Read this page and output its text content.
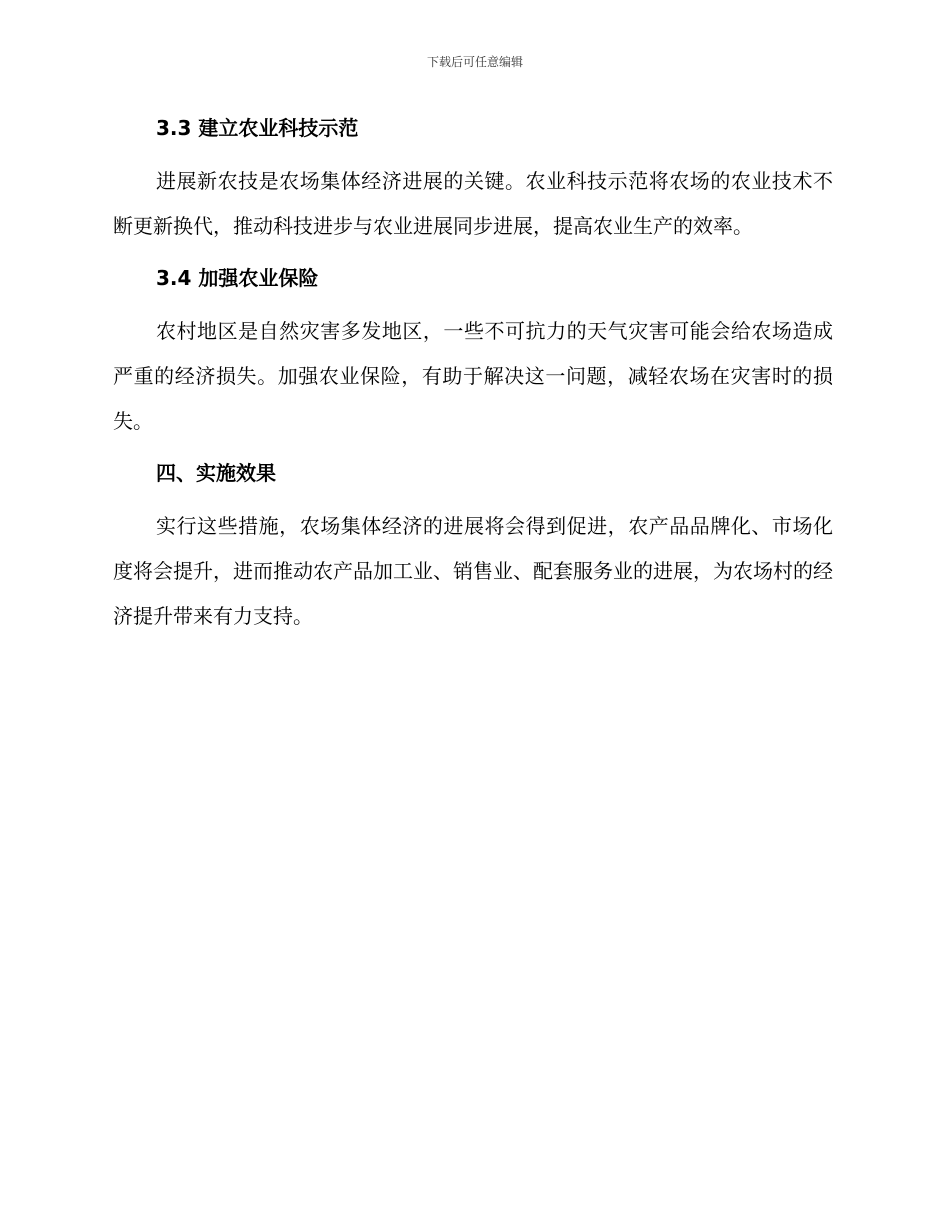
下载后可任意编辑
3.3 建立农业科技示范

进展新农技是农场集体经济进展的关键。农业科技示范将农场的农业技术不断更新换代，推动科技进步与农业进展同步进展，提高农业生产的效率。

3.4 加强农业保险

农村地区是自然灾害多发地区，一些不可抗力的天气灾害可能会给农场造成严重的经济损失。加强农业保险，有助于解决这一问题，减轻农场在灾害时的损失。

四、实施效果

实行这些措施，农场集体经济的进展将会得到促进，农产品品牌化、市场化度将会提升，进而推动农产品加工业、销售业、配套服务业的进展，为农场村的经济提升带来有力支持。
